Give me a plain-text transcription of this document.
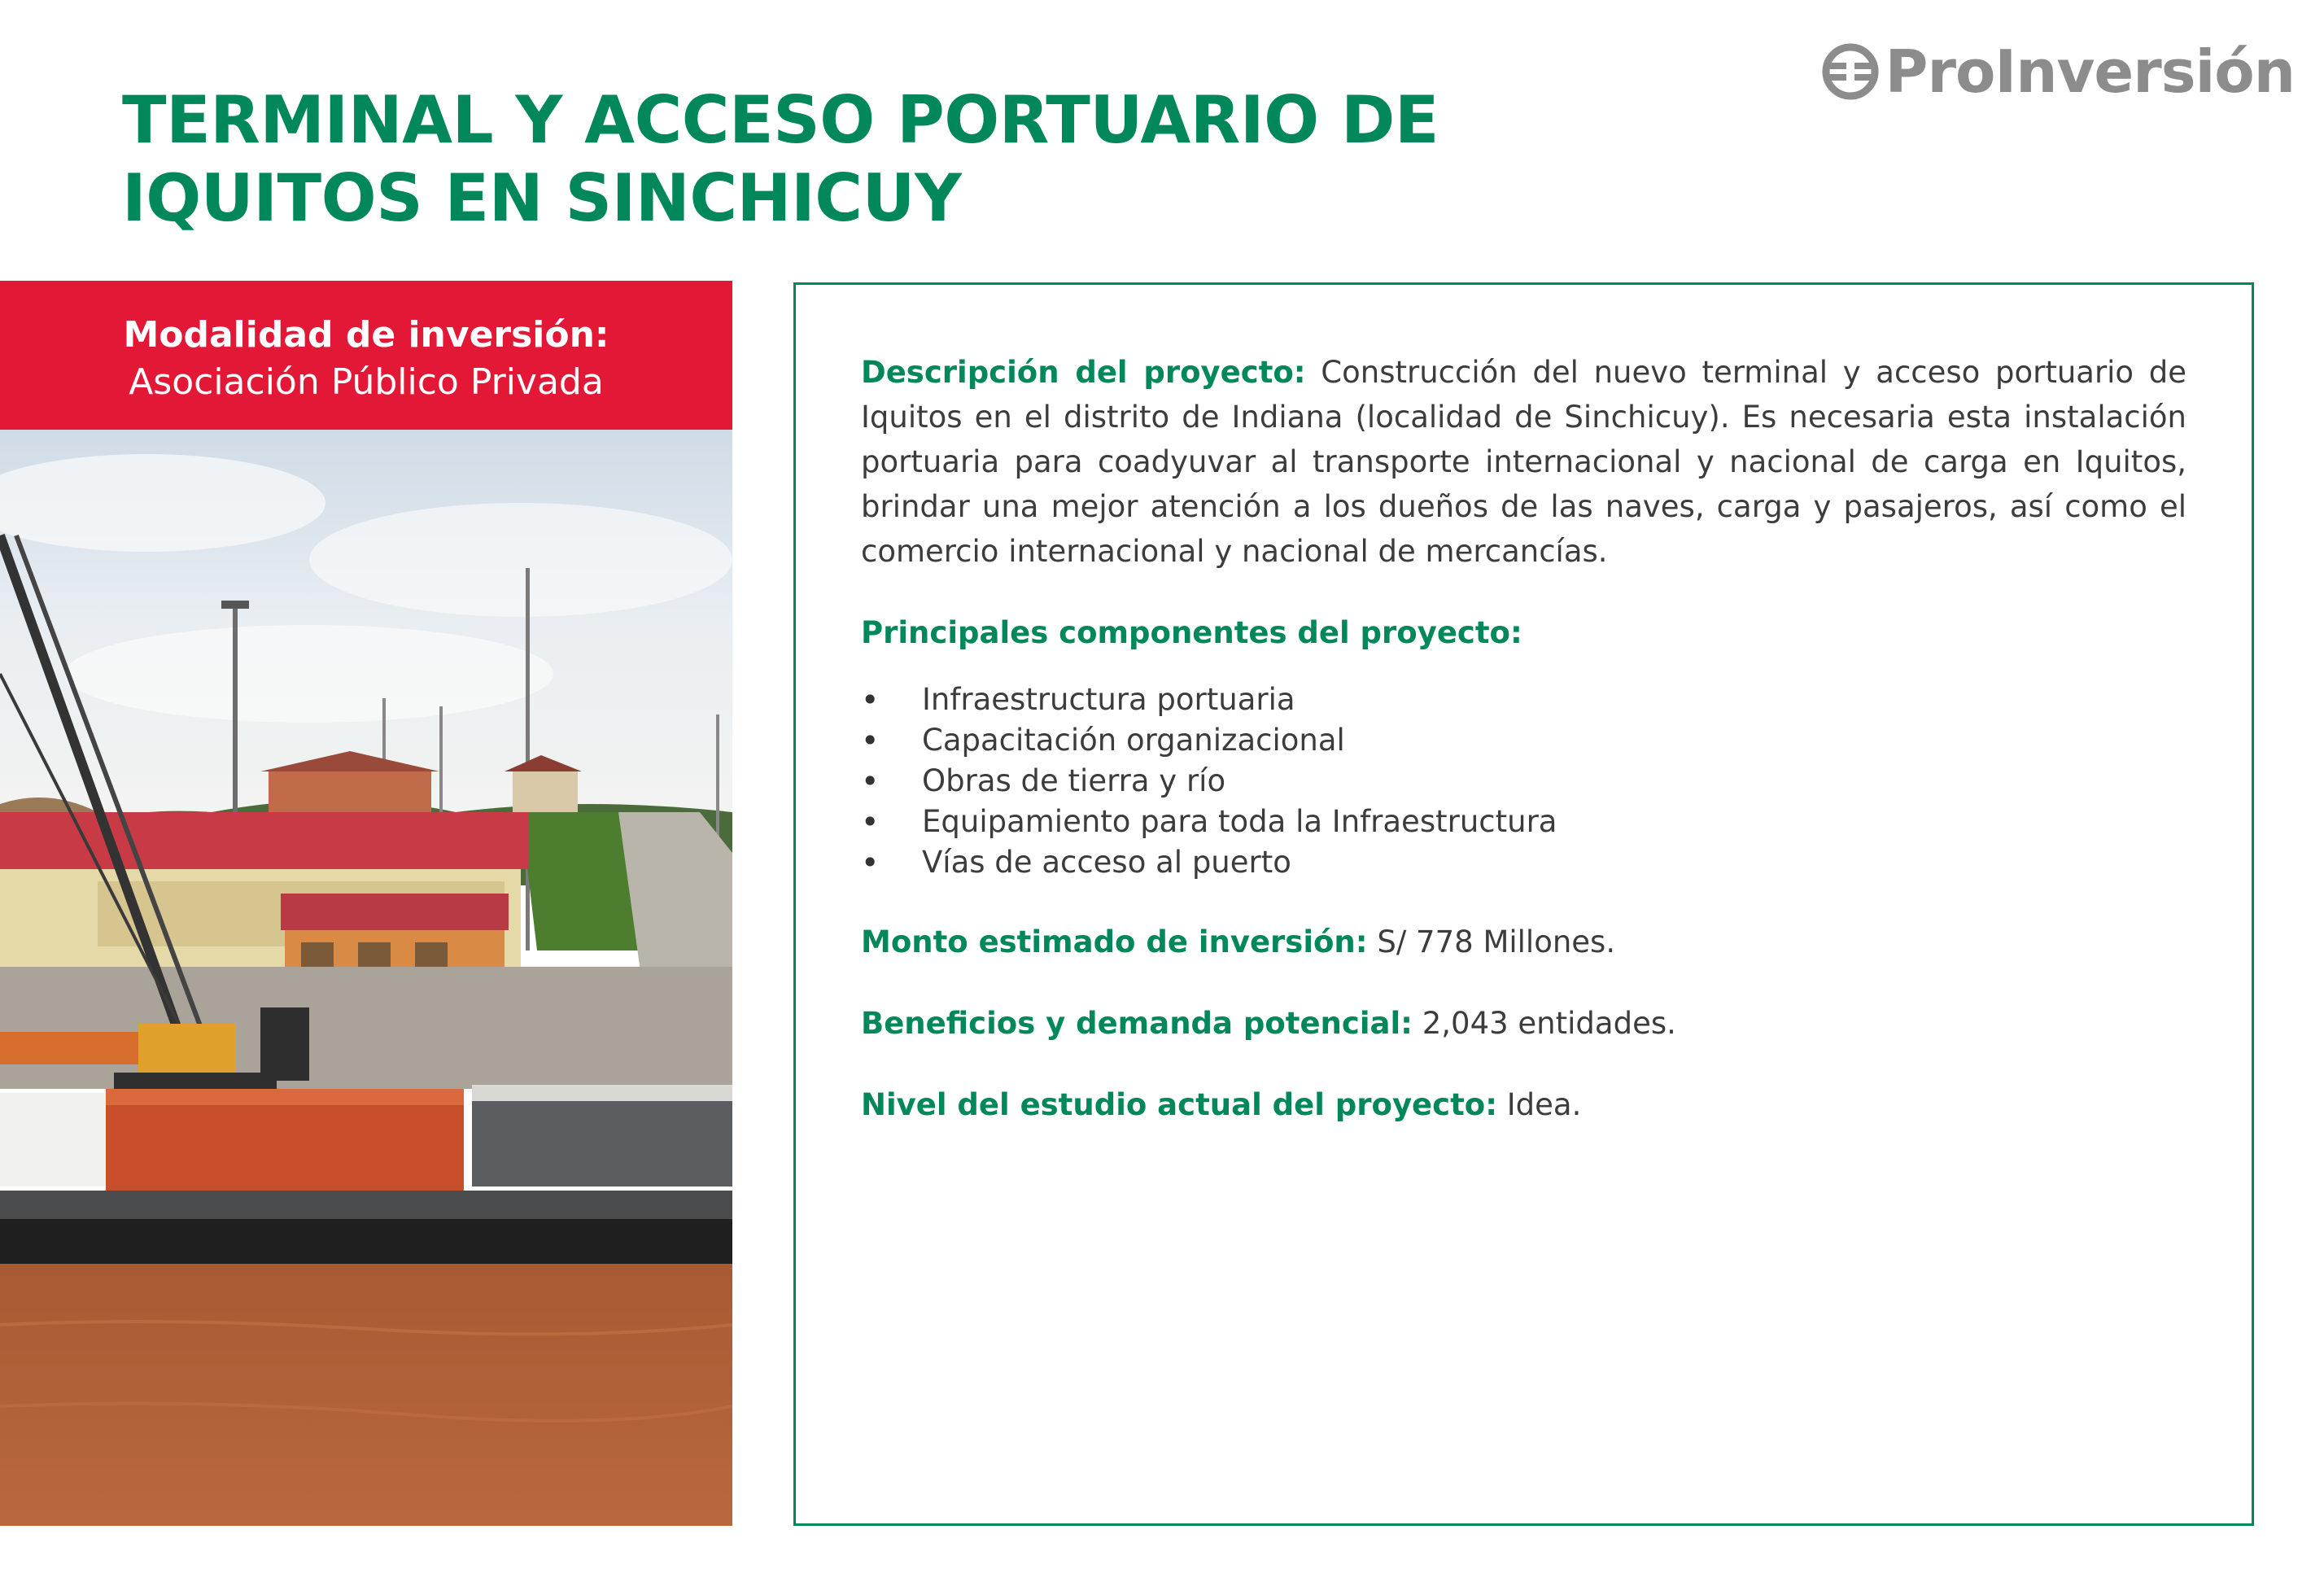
ProInversión
TERMINAL Y ACCESO PORTUARIO DE IQUITOS EN SINCHICUY
Modalidad de inversión:
Asociación Público Privada	Descripción del proyecto: Construcción del nuevo terminal y acceso portuario de Iquitos en el distrito de Indiana (localidad de Sinchicuy). Es necesaria esta instalación portuaria para coadyuvar al transporte internacional y nacional de carga en Iquitos, brindar una mejor atención a los dueños de las naves, carga y pasajeros, así como el comercio internacional y nacional de mercancías.

Principales componentes del proyecto:

• Infraestructura portuaria
• Capacitación organizacional
• Obras de tierra y río
• Equipamiento para toda la Infraestructura
• Vías de acceso al puerto

Monto estimado de inversión: S/ 778 Millones.

Beneficios y demanda potencial: 2,043 entidades.

Nivel del estudio actual del proyecto: Idea.
